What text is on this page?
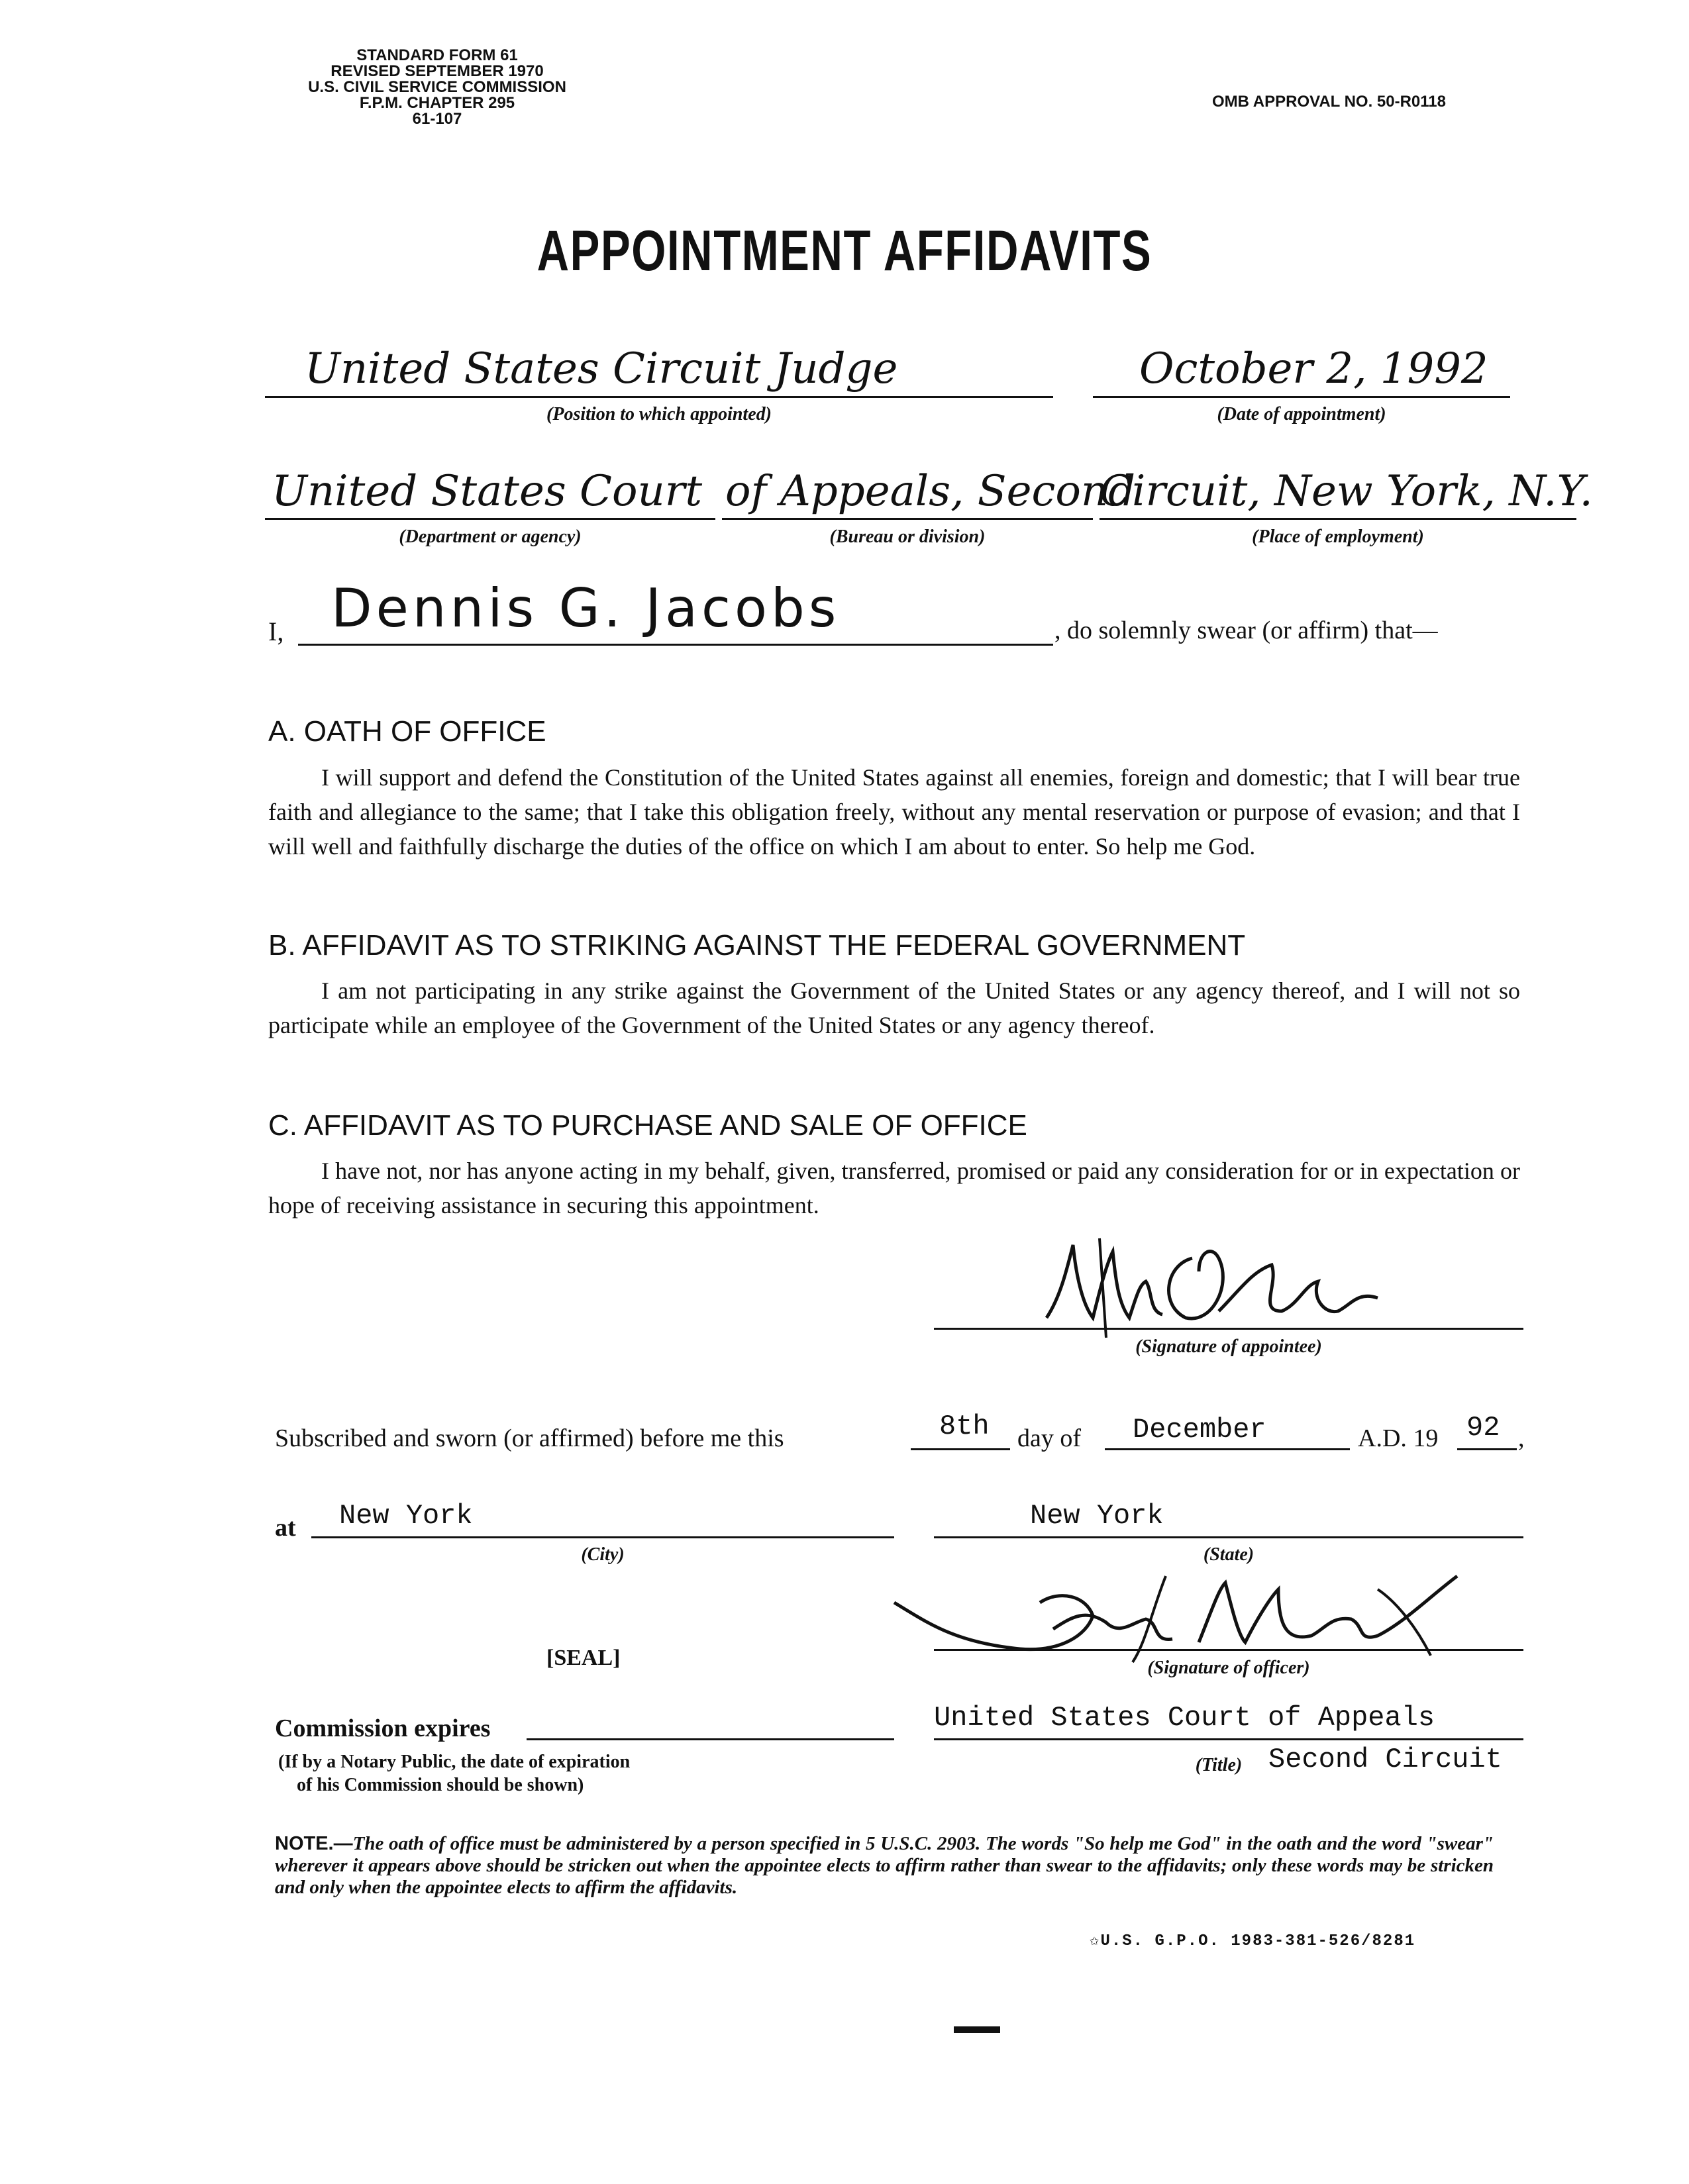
STANDARD FORM 61
REVISED SEPTEMBER 1970
U.S. CIVIL SERVICE COMMISSION
F.P.M. CHAPTER 295
61-107
OMB APPROVAL NO. 50-R0118
APPOINTMENT AFFIDAVITS
United States Circuit Judge
(Position to which appointed)
October 2, 1992
(Date of appointment)
United States Court
(Department or agency)
of Appeals, Second
(Bureau or division)
Circuit, New York, N.Y.
(Place of employment)
I, Dennis G. Jacobs	, do solemnly swear (or affirm) that—
A. OATH OF OFFICE
I will support and defend the Constitution of the United States against all enemies, foreign and domestic; that I will bear true faith and allegiance to the same; that I take this obligation freely, without any mental reservation or purpose of evasion; and that I will well and faithfully discharge the duties of the office on which I am about to enter. So help me God.
B. AFFIDAVIT AS TO STRIKING AGAINST THE FEDERAL GOVERNMENT
I am not participating in any strike against the Government of the United States or any agency thereof, and I will not so participate while an employee of the Government of the United States or any agency thereof.
C. AFFIDAVIT AS TO PURCHASE AND SALE OF OFFICE
I have not, nor has anyone acting in my behalf, given, transferred, promised or paid any consideration for or in expectation or hope of receiving assistance in securing this appointment.
(Signature of appointee)
Subscribed and sworn (or affirmed) before me this	8th day of December	A.D. 19 92 ,
at New York
(City)
New York
(State)
[SEAL]	(Signature of officer)
Commission expires
(If by a Notary Public, the date of expiration
of his Commission should be shown)
United States Court of Appeals
(Title) Second Circuit
NOTE.—The oath of office must be administered by a person specified in 5 U.S.C. 2903. The words "So help me God" in the oath and the word "swear" wherever it appears above should be stricken out when the appointee elects to affirm rather than swear to the affidavits; only these words may be stricken and only when the appointee elects to affirm the affidavits.
✩U.S. G.P.O. 1983-381-526/8281
